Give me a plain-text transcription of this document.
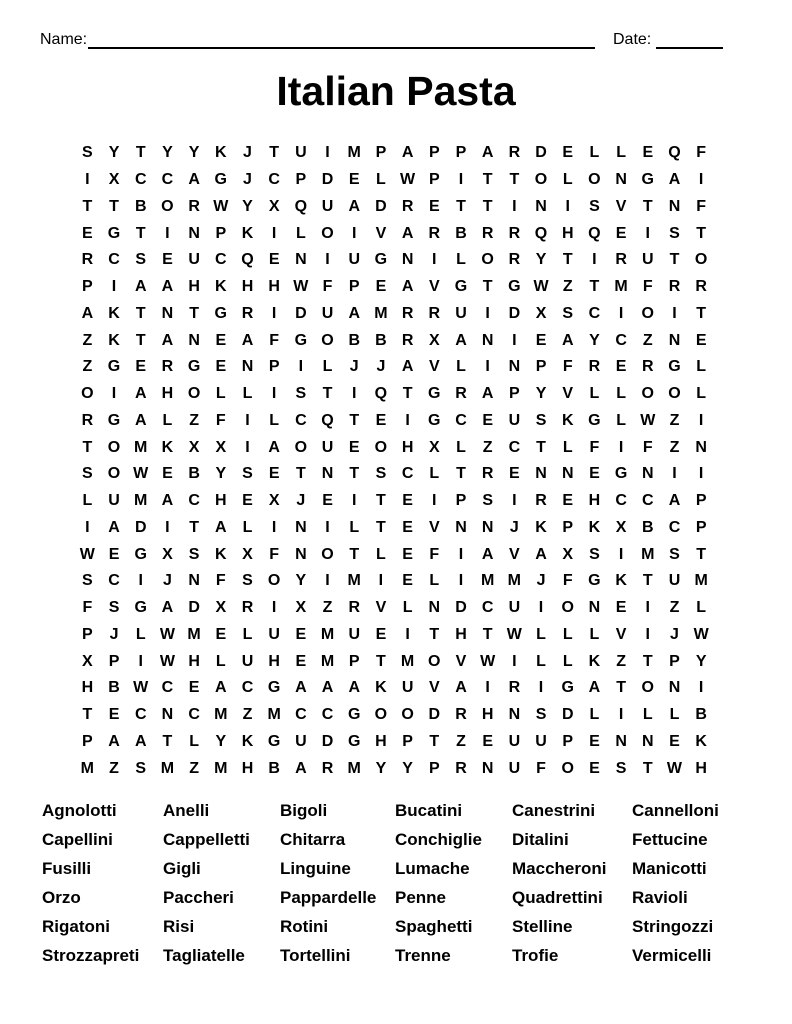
Name:	Date:
Italian Pasta
S	Y	T	Y	Y K	J	T	U	I	M P A P	P A R D E	L	L	E Q F
I	X C C A G	J	C P D E	L W P	I	T	T O L O N G A	I
T	T	B O R W Y	X Q U A D R E	T	T	I	N	I	S	V	T	N	F
E G T	I	N P K	I	L O	I	V A R B R R Q H Q E	I	S	T
R C S	E U C Q E N	I	U G N	I	L O R Y	T	I	R U	T O
P	I	A A H K H H W F	P	E A V G T G W Z	T M F	R R
A K	T	N	T G R	I	D U A M R R U	I	D X	S C	I	O	I	T
Z	K	T	A N E A	F G O B B R X A N	I	E A Y C	Z	N E
Z G E R G E N P	I	L	J	J	A V	L	I	N P	F	R E R G L
O	I	A H O L	L	I	S	T	I	Q T G R A P	Y	V	L	L O O L
R G A	L	Z	F	I	L	C Q T	E	I	G C E U S K G L W Z	I
T O M K X	X	I	A O U E O H X	L	Z	C	T	L	F	I	F	Z	N
S O W E B Y	S	E	T	N	T	S C	L	T	R E N N E G N	I	I
L	U M A C H E	X	J	E	I	T	E	I	P	S	I	R E H C C A P
I	A D	I	T	A	L	I	N	I	L	T	E	V N N	J	K P K X B C P
W E G X	S K X	F	N O T	L	E	F	I	A V A X	S	I	M S	T
S C	I	J	N	F	S O Y	I	M	I	E	L	I	M M J	F G K	T	U M
F	S G A D X R	I	X	Z	R V	L	N D C U	I	O N E	I	Z	L
P	J	L W M E	L	U E M U E	I	T	H	T W L	L	L	V	I	J W
X	P	I	W H	L	U H E M P	T M O V W	I	L	L	K	Z	T	P	Y
H B W C E A C G A A A K U V A	I	R	I	G A	T O N	I
T	E C N C M Z M C C G O O D R H N S D	L	I	L	L	B
P A A	T	L	Y K G U D G H P	T	Z	E U U P	E N N E K
M Z	S M Z M H B A R M Y	Y	P R N U	F O E	S	T W H
Agnolotti	Anelli	Bigoli	Bucatini	Canestrini	Cannelloni
Capellini	Cappelletti	Chitarra	Conchiglie	Ditalini	Fettucine
Fusilli	Gigli	Linguine	Lumache	Maccheroni	Manicotti
Orzo	Paccheri	Pappardelle	Penne	Quadrettini	Ravioli
Rigatoni	Risi	Rotini	Spaghetti	Stelline	Stringozzi
Strozzapreti	Tagliatelle	Tortellini	Trenne	Trofie	Vermicelli
